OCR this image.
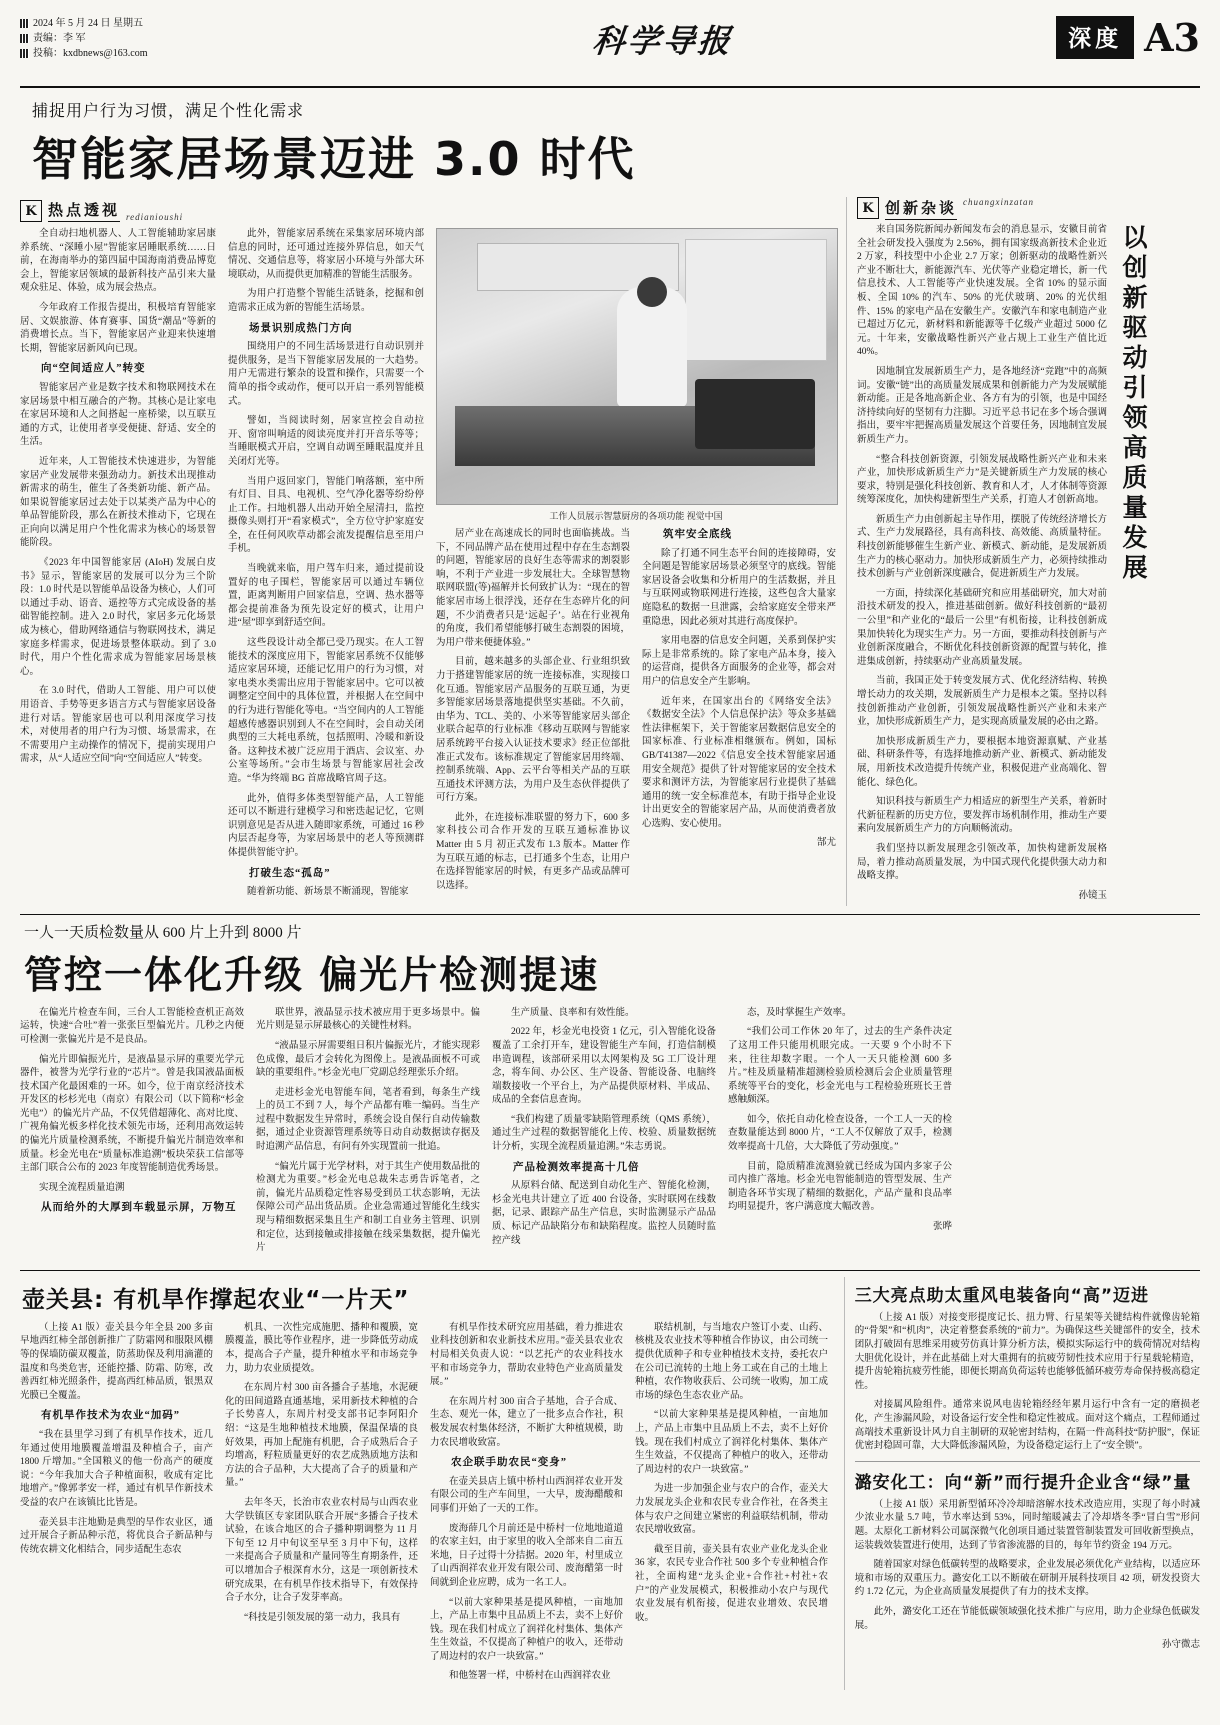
2024 年 5 月 24 日 星期五
责编：李 军
投稿：kxdbnews@163.com	科学导报	深度 A3
捕捉用户行为习惯，满足个性化需求
智能家居场景迈进 3.0 时代
K 热点透视 redianioushi

全自动扫地机器人、人工智能辅助家居康养系统、“深睡小屋”智能家居睡眠系统……日前，在海南举办的第四届中国海南消费品博览会上，智能家居领域的最新科技产品引来大量观众驻足、体验，成为展会热点。

今年政府工作报告提出，积极培育智能家居、文娱旅游、体育赛事、国货“潮品”等新的消费增长点。当下，智能家居产业迎来快速增长期，智能家居新风向已现。

向“空间适应人”转变

智能家居产业是数字技术和物联网技术在家居场景中相互融合的产物。其核心是让家电在家居环境和人之间搭起一座桥梁，以互联互通的方式，让使用者享受便捷、舒适、安全的生活。

近年来，人工智能技术快速进步，为智能家居产业发展带来强劲动力。新技术出现推动新需求的萌生，催生了各类新功能、新产品。如果说智能家居过去处于以某类产品为中心的单品智能阶段，那么在新技术推动下，它现在正向向以满足用户个性化需求为核心的场景智能阶段。

《2023 年中国智能家居 (AIoH) 发展白皮书》显示，智能家居的发展可以分为三个阶段：1.0 时代是以智能单品设备为核心，人们可以通过手动、语音、遥控等方式完成设备的基础智能控制。进入 2.0 时代，家居多元化场景成为核心，借助网络通信与物联网技术，满足家庭多样需求，促进场景整体联动。到了 3.0 时代，用户个性化需求成为智能家居场景核心。

在 3.0 时代，借助人工智能、用户可以使用语音、手势等更多语言方式与智能家居设备进行对话。智能家居也可以利用深度学习技术，对使用者的用户行为习惯、场景需求，在不需要用户主动操作的情况下，提前实现用户需求，从“人适应空间”向“空间适应人”转变。

此外，智能家居系统在采集家居环境内部信息的同时，还可通过连接外界信息，如天气情况、交通信息等，将家居小环境与外部大环境联动，从而提供更加精准的智能生活服务。

为用户打造整个智能生活链条，挖掘和创造需求正成为新的智能生活场景。

场景识别成热门方向

围绕用户的不同生活场景进行自动识别并提供服务，是当下智能家居发展的一大趋势。用户无需进行繁杂的设置和操作，只需要一个简单的指令或动作，便可以开启一系列智能模式。

譬如，当阅读时刻，居家宣控会自动拉开、窗帘叫响适的阅读亮度并打开音乐等等；当睡眠模式开启，空调自动调至睡眠温度并且关闭灯光等。

当用户返回家门，智能门响落额，室中所有灯目、目具、电视机、空气净化器等纷纷停止工作。扫地机器人出动开始全屋清扫，监控摄像头则打开“看家模式”，全方位守护家庭安全，在任何风吹草动都会流发提醒信息至用户手机。

当晚就来临，用户驾车归来，通过提前设置好的电子围栏，智能家居可以通过车辆位置，距离判断用户回家信息，空调、热水器等都会提前准备为预先设定好的模式，让用户进“屋”即享到舒适空间。

这些段设计动全都已受乃现实。在人工智能技术的深度应用下，智能家居系统不仅能够适应家居环境，还能记忆用户的行为习惯，对家电类水类需出应用于智能家居中。它可以被调整定空间中的具体位置，并根据人在空间中的行为进行智能化等电。“当空间内的人工智能超感传感器识别到人不在空间时，会自动关闭典型的三大耗电系统，包括照明、冷暖和新设备。这种技术被广泛应用于酒店、会议室、办公室等场所。”会市生场景与智能家居社会改造。“华为终端 BG 首席战略官周子这。

此外，值得多体类型智能产品，人工智能还可以不断进行建模学习和密迭起记忆，它则识别意见是否从进入随即家系统，可通过 16 秒内层否起身等，为家居场景中的老人等预测群体提供智能守护。

打破生态“孤岛”

随着新功能、新场景不断涌现，智能家

工作人员展示智慧厨房的各项功能 视觉中国

居产业在高速成长的同时也面临挑战。当下，不同品牌产品在使用过程中存在生态割裂的问题，智能家居的良好生态等需求的割裂影响，不利于产业进一步发展壮大。全球智慧物联网联盟(等)福解并长何致扩认为：“现在的智能家居市场上很浮浅，还存在生态碎片化的问题，不少消费者只是‘远起子’。站在行业视角的角度，我们希望能够打破生态割裂的困境，为用户带来便捷体验。”

目前，越来越多的头部企业、行业组织致力于搭建智能家居的统一连接标准，实现接口化互通。智能家居产品服务的互联互通，为更多智能家居场景落地提供坚实基础。不久前，由华为、TCL、美的、小米等智能家居头部企业联合起草的行业标准《移动互联网与智能家居系统跨平台接入认证技术要求》经正位部批准正式发布。该标准规定了智能家居用终端、控制系统端、App、云平台等相关产品的互联互通技术评测方法，为用户及生态伙伴提供了可行方案。

此外，在连接标准联盟的努力下，600 多家科技公司合作开发的互联互通标准协议 Matter 由 5 月 初正式发布 1.3 版本。Matter 作为互联互通的标志，已打通多个生态，让用户在选择智能家居的时候，有更多产品或品牌可以选择。

筑牢安全底线

除了打通不同生态平台间的连接障碍，安全问题是智能家居场景必须坚守的底线。智能家居设备会收集和分析用户的生活数据，并且与互联网或物联网进行连接，这些包含大量家庭隐私的数据一旦泄露，会给家庭安全带来严重隐患，因此必须对其进行高度保护。

家用电器的信息安全问题，关系到保护实际上是非常系统的。除了家电产品本身，接入的运营商，提供各方面服务的企业等，都会对用户的信息安全产生影响。

近年来，在国家出台的《网络安全法》《数据安全法》个人信息保护法》等众多基础性法律框架下，关于智能家居数据信息安全的国家标准、行业标准相继颁布。例如，国标 GB/T41387—2022《信息安全技术智能家居通用安全规范》提供了针对智能家居的安全技术要求和测评方法，为智能家居行业提供了基础通用的统一安全标准范本，有助于指导企业设计出更安全的智能家居产品，从而使消费者放心选购、安心使用。

郜尤
K 创新杂谈 chuangxinzatan

来自国务院新闻办新闻发布会的消息显示，安徽目前省全社会研发投入强度为 2.56%，拥有国家级高新技术企业近 2 万家，科技型中小企业 2.7 万家；创新驱动的战略性新兴产业不断壮大，新能源汽车、光伏等产业稳定增长，新一代信息技术、人工智能等产业快速发展。全省 10% 的显示面板、全国 10% 的汽车、50% 的光伏玻璃、20% 的光伏组件、15% 的家电产品在安徽生产。安徽汽车和家电制造产业已超过万亿元，新材料和新能源等千亿级产业超过 5000 亿元。十年来，安徽战略性新兴产业占规上工业生产值比近 40%。

因地制宜发展新质生产力，是各地经济“竞跑”中的高频词。安徽“链”出的高质量发展成果和创新能力产为发展赋能新动能。正是各地高新企业、各方有为的引领，也是中国经济持续向好的坚韧有力注脚。习近平总书记在多个场合强调指出，要牢牢把握高质量发展这个首要任务，因地制宜发展新质生产力。

“整合科技创新资源，引领发展战略性新兴产业和未来产业，加快形成新质生产力”是关键新质生产力发展的核心要求，特别是强化科技创新、教育和人才，人才体制等资源统筹深度化，加快构建新型生产关系，打造人才创新高地。

新质生产力由创新起主导作用，摆脱了传统经济增长方式、生产力发展路径，具有高科技、高效能、高质量特征。科技创新能够催生生新产业、新模式、新动能，是发展新质生产力的核心驱动力。加快形成新质生产力，必须持续推动技术创新与产业创新深度融合，促进新质生产力发展。

一方面，持续深化基础研究和应用基础研究，加大对前沿技术研发的投入，推进基础创新。做好科技创新的“最初一公里”和产业化的“最后一公里”有机衔接，让科技创新成果加快转化为现实生产力。另一方面，要推动科技创新与产业创新深度融合，不断优化科技创新资源的配置与转化，推进集成创新，持续驱动产业高质量发展。

当前，我国正处于转变发展方式、优化经济结构、转换增长动力的攻关期，发展新质生产力是根本之策。坚持以科技创新推动产业创新，引领发展战略性新兴产业和未来产业，加快形成新质生产力，是实现高质量发展的必由之路。

加快形成新质生产力，要根据本地资源禀赋、产业基础、科研条件等，有选择地推动新产业、新模式、新动能发展，用新技术改造提升传统产业，积极促进产业高端化、智能化、绿色化。

知识科技与新质生产力相适应的新型生产关系，着新时代新征程新的历史方位，要发挥市场机制作用，推动生产要素向发展新质生产力的方向顺畅流动。

我们坚持以新发展理念引领改革，加快构建新发展格局，着力推动高质量发展，为中国式现代化提供强大动力和战略支撑。

孙镜玉
以创新驱动引领高质量发展
一人一天质检数量从 600 片上升到 8000 片
管控一体化升级 偏光片检测提速

在偏光片检查车间，三台人工智能检查机正高效运转，快速“合吐”着一张张巨型偏光片。几秒之内便可检测一张偏光片是不是良品。

偏光片即偏振光片，是液晶显示屏的重要光学元器件，被誉为光学行业的“芯片”。曾是我国液晶面板技术国产化最困难的一环。如今，位于南京经济技术开发区的杉杉光电（南京）有限公司（以下简称“杉金光电”）的偏光片产品，不仅凭借超薄化、高对比度、广视角偏光板多样化技术领先市场，还利用高效运转的偏光片质量检测系统，不断提升偏光片制造效率和质量。杉金光电在“质量标准追溯”板块荣获工信部等主部门联合公布的 2023 年度智能制造优秀场景。

实现全流程质量追溯

从而给外的大厚到车载显示屏，万物互

联世界，液晶显示技术被应用于更多场景中。偏光片则是显示屏最核心的关键性材料。

“液晶显示屏需要组日积片偏振光片，才能实现彩色成像，最后才会转化为图像上。是液晶面板不可或缺的重要组件。”杉金光电厂党副总经理张乐介绍。

走进杉金光电智能车间，笔者看到，每条生产线上的员工不到 7 人，每个产品都有唯一编码。当生产过程中数据发生异常时，系统会设自保行自动传输数据，通过企业资源管理系统等日动自动数据读存据及时追溯产品信息，有问有外实现置前一批追。

“偏光片属于光学材料，对于其生产使用数品批的检测尤为重要。”杉金光电总裁朱志勇告诉笔者，之前，偏光片品质稳定性容易受到员工状态影响，无法保障公司产品出货品质。企业急需通过智能化生线实现与精细数据采集且生产和制工自业务主管理、识别和定位，达到接触或排接触在线采集数据，提升偏光片

生产质量、良率和有效性能。

2022 年，杉金光电投资 1 亿元，引入智能化设备覆盖了工余打开车，建设智能生产车间，打造信制模串造调程，该部研采用以太网架构及 5G 工厂设计理念，将车间、办公区、生产设备、智能设备、电脑终端数接收一个平台上，为产品提供原材料、半成品、成品的全套信息查询。

“我们构建了质量零缺陷管理系统（QMS 系统），通过生产过程的数据智能化上传、校验、质量数据统计分析，实现全流程质量追溯。”朱志勇说。

产品检测效率提高十几倍

从原料台储、配送到自动化生产、智能化检测，杉金光电共计建立了近 400 台设备，实时联网在线数据，记录、跟踪产品生产信息，实时监测显示产品品质、标记产品缺陷分布和缺陷程度。监控人员随时监控产线

态，及时掌握生产效率。

“我们公司工作休 20 年了，过去的生产条件决定了这用工件只能用机眼完成。一天要 9 个小时不下来，往往却数字眼。一个人一天只能检测 600 多片。”桂及质量精准超测检验质检测后会企业质量管理系统等平台的变化，杉金光电与工程检验班班长王普感触颇深。

如今，依托自动化检查设备，一个工人一天的检查数量能达到 8000 片，“工人不仅解放了双手，检测效率提高十几倍，大大降低了劳动强度。”

目前，隐质精准流测验就已经成为国内多家子公司内推广落地。杉金光电智能制造的管型发展、生产制造各环节实现了精细的数据化，产品产量和良品率均明显提升，客户满意度大幅改善。

张晔
壶关县: 有机旱作撑起农业“一片天”

（上接 A1 版）壶关县今年全县 200 多亩早地西红柿全部创新推广了防霜网和服限风棚等的保墙防碳双覆盖，防蒸助保及利用滴灌的温度和鸟类危害，还能控播、防霜、防寒，改善西红柿光照条件，提高西红柿品质，银黑双光膜已全覆盖。

有机旱作技术为农业“加码”

“我在县里学习到了有机旱作技术，近几年通过使用地膜覆盖增温及种植合子，亩产1800 斤增加。”全国粮义的他一份高产的硬度说：“今年我加大合子种植面积，收成有定比地增产。”像郭孝安一样，通过有机旱作新技术受益的农户在该镇比比皆是。

壶关县丰注地勤是典型的旱作农业区，通过开展合子新品种示范，将优良合子新品种与传统农耕文化相结合，同步适配生态农

机具、一次性完成施肥、播种和覆膜，宽膜覆盖，膜比等作业程序，进一步降低劳动成本，提高合子产量，提升种植水平和市场竞争力，助力农业质提效。

在东周片村 300 亩各播合子基地，水泥硬化的田间道路直通基地，采用新技术种植的合子长势喜人，东周片村受支部书记李阿阳介绍：“这是生地种植技术地膜，保温保墙的良好效果，再加上配施有机肥，合子成熟后合子均增高，籽粒质量更好的农艺成熟质地方法和方法的合子品种，大大提高了合子的质量和产量。”

去年冬天，长治市农业农村局与山西农业大学铁镇区专家团队联合开展“多播合子技术试验，在该合地区的合子播种期调整为 11 月下旬至 12 月中旬议至早至 3 月中下旬，这样一来提高合子质量和产量同等生育期条件，还可以增加合子根深育水分，这是一项创新技术研究成果，在有机旱作技术指导下，有效保持合子水分，让合子发芽率高。

“科技是引领发展的第一动力，我具有

有机旱作技术研究应用基础，着力推进农业科技创新和农业新技术应用。”壶关县农业农村局相关负责人说：“以艺托产的农业科技水平和市场竞争力，帮助农业特色产业高质量发展。”

在东周片村 300 亩合子基地，合子合成、生态、观光一体，建立了一批多点合作社，积极发展农村集体经济，不断扩大种植规模，助力农民增收致富。

农企联手助农民“变身”

在壶关县店上镇中桥村山西润祥农业开发有限公司的生产车间里，一大早，废海醋酸和同事们开始了一天的工作。

废海薛几个月前还是中桥村一位地地道道的农家主妇，由于家里的收入全部来自二亩五米地，日子过得十分拮据。2020 年，村里成立了山西润祥农业开发有限公司、废海醋第一时间就到企业应聘，成为一名工人。

“以前大家种果基是提风种植，一亩地加上，产品上市集中且品质上不去，卖不上好价钱。现在我们村成立了润祥化村集体、集体产生生效益，不仅提高了种植户的收入，还带动了周边村的农户一块致富。”

和他签署一样，中桥村在山西润祥农业

联结机制，与当地农户签订小麦、山药、核桃及农业技术等种植合作协议，由公司统一提供优质种子和专业种植技术支持，委托农户在公司已流转的土地上务工或在自己的土地上种植，农作物收获后、公司统一收购，加工成市场的绿色生态农业产品。

“以前大家种果基是提风种植，一亩地加上，产品上市集中且品质上不去，卖不上好价钱。现在我们村成立了润祥化村集体、集体产生生效益，不仅提高了种植户的收入，还带动了周边村的农户一块致富。”

为进一步加强企业与农户的合作，壶关大力发展龙头企业和农民专业合作社，在各类主体与农户之间建立紧密的利益联结机制，带动农民增收致富。

截至目前，壶关县有农业产业化龙头企业 36 家，农民专业合作社 500 多个专业种植合作社，全面构建“龙头企业+合作社+村社+农户”的产业发展模式，积极推动小农户与现代农业发展有机衔接，促进农业增效、农民增收。

三大亮点助太重风电装备向“高”迈进

（上接 A1 版）对接变形提度记长、扭力臂、行星架等关键结构件就像齿轮箱的“骨架”和“机肉”，决定着整套系统的“前力”。为确保这些关键部件的安全，技术团队打破固有思维采用疲劳仿真计算分析方法，模拟实际运行中的载荷情况对结构大胆优化设计，并在此基础上对大重拥有的抗疲劳韧性技术应用于行星载轮精造，提升齿轮箱抗疲劳性能，即便长期高负荷运转也能够低循环疲劳寿命保持极高稳定性。

对接属风险组件。通常来说风电齿轮箱经经年累月运行中含有一定的磨损老化，产生渗漏风险，对设备运行安全性和稳定性被成。面对这个痛点，工程师通过高端技术重新设计风力自主制研的双轮密封结构，在隔一件高科技“防护服”，保证优密封稳固可靠，大大降低渗漏风险，为设备稳定运行上了“安全锁”。

潞安化工：向“新”而行提升企业含“绿”量

（上接 A1 版）采用新型循环冷冷却暗溶解水技术改造应用，实现了每小时减少浓业水量 5.7 吨，节水率达到 53%，同时缩暖减去了冷却塔冬季“冒白雪”形问题。太原化工新材料公司属深微气化创项目通过装置管制装置发可回收新型换点，运装载效装置进行使用，达到了节省渗流器的目的，每年节约资金 194 万元。

随着国家对绿色低碳转型的战略要求，企业发展必须优化产业结构，以适应环境和市场的双重压力。潞安化工以不断破在研制开展科技项目 42 项，研发投资大约 1.72 亿元，为企业高质量发展提供了有力的技术支撑。

此外，潞安化工还在节能低碳领域强化技术推广与应用，助力企业绿色低碳发展。

孙守微志
